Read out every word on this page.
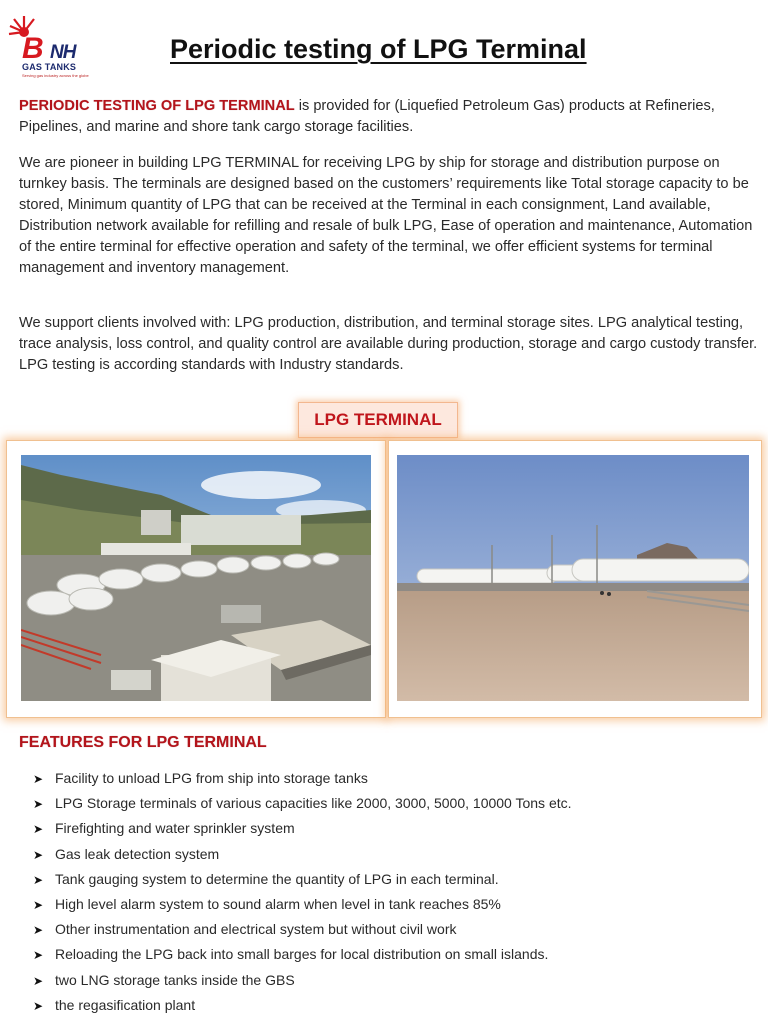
B NH
GAS TANKS
Serving gas industry across the globe
Periodic testing of LPG Terminal

PERIODIC TESTING OF LPG TERMINAL is provided for (Liquefied Petroleum Gas) products at Refineries, Pipelines, and marine and shore tank cargo storage facilities.

We are pioneer in building LPG TERMINAL for receiving LPG by ship for storage and distribution purpose on turnkey basis. The terminals are designed based on the customers’ requirements like Total storage capacity to be stored, Minimum quantity of LPG that can be received at the Terminal in each consignment, Land available, Distribution network available for refilling and resale of bulk LPG, Ease of operation and maintenance, Automation of the entire terminal for effective operation and safety of the terminal, we offer efficient systems for terminal management and inventory management.

We support clients involved with: LPG production, distribution, and terminal storage sites. LPG analytical testing, trace analysis, loss control, and quality control are available during production, storage and cargo custody transfer. LPG testing is according standards with Industry standards.

LPG TERMINAL
FEATURES FOR LPG TERMINAL
➤ Facility to unload LPG from ship into storage tanks
➤ LPG Storage terminals of various capacities like 2000, 3000, 5000, 10000 Tons etc.
➤ Firefighting and water sprinkler system
➤ Gas leak detection system
➤ Tank gauging system to determine the quantity of LPG in each terminal.
➤ High level alarm system to sound alarm when level in tank reaches 85%
➤ Other instrumentation and electrical system but without civil work
➤ Reloading the LPG back into small barges for local distribution on small islands.
➤ two LNG storage tanks inside the GBS
➤ the regasification plant
